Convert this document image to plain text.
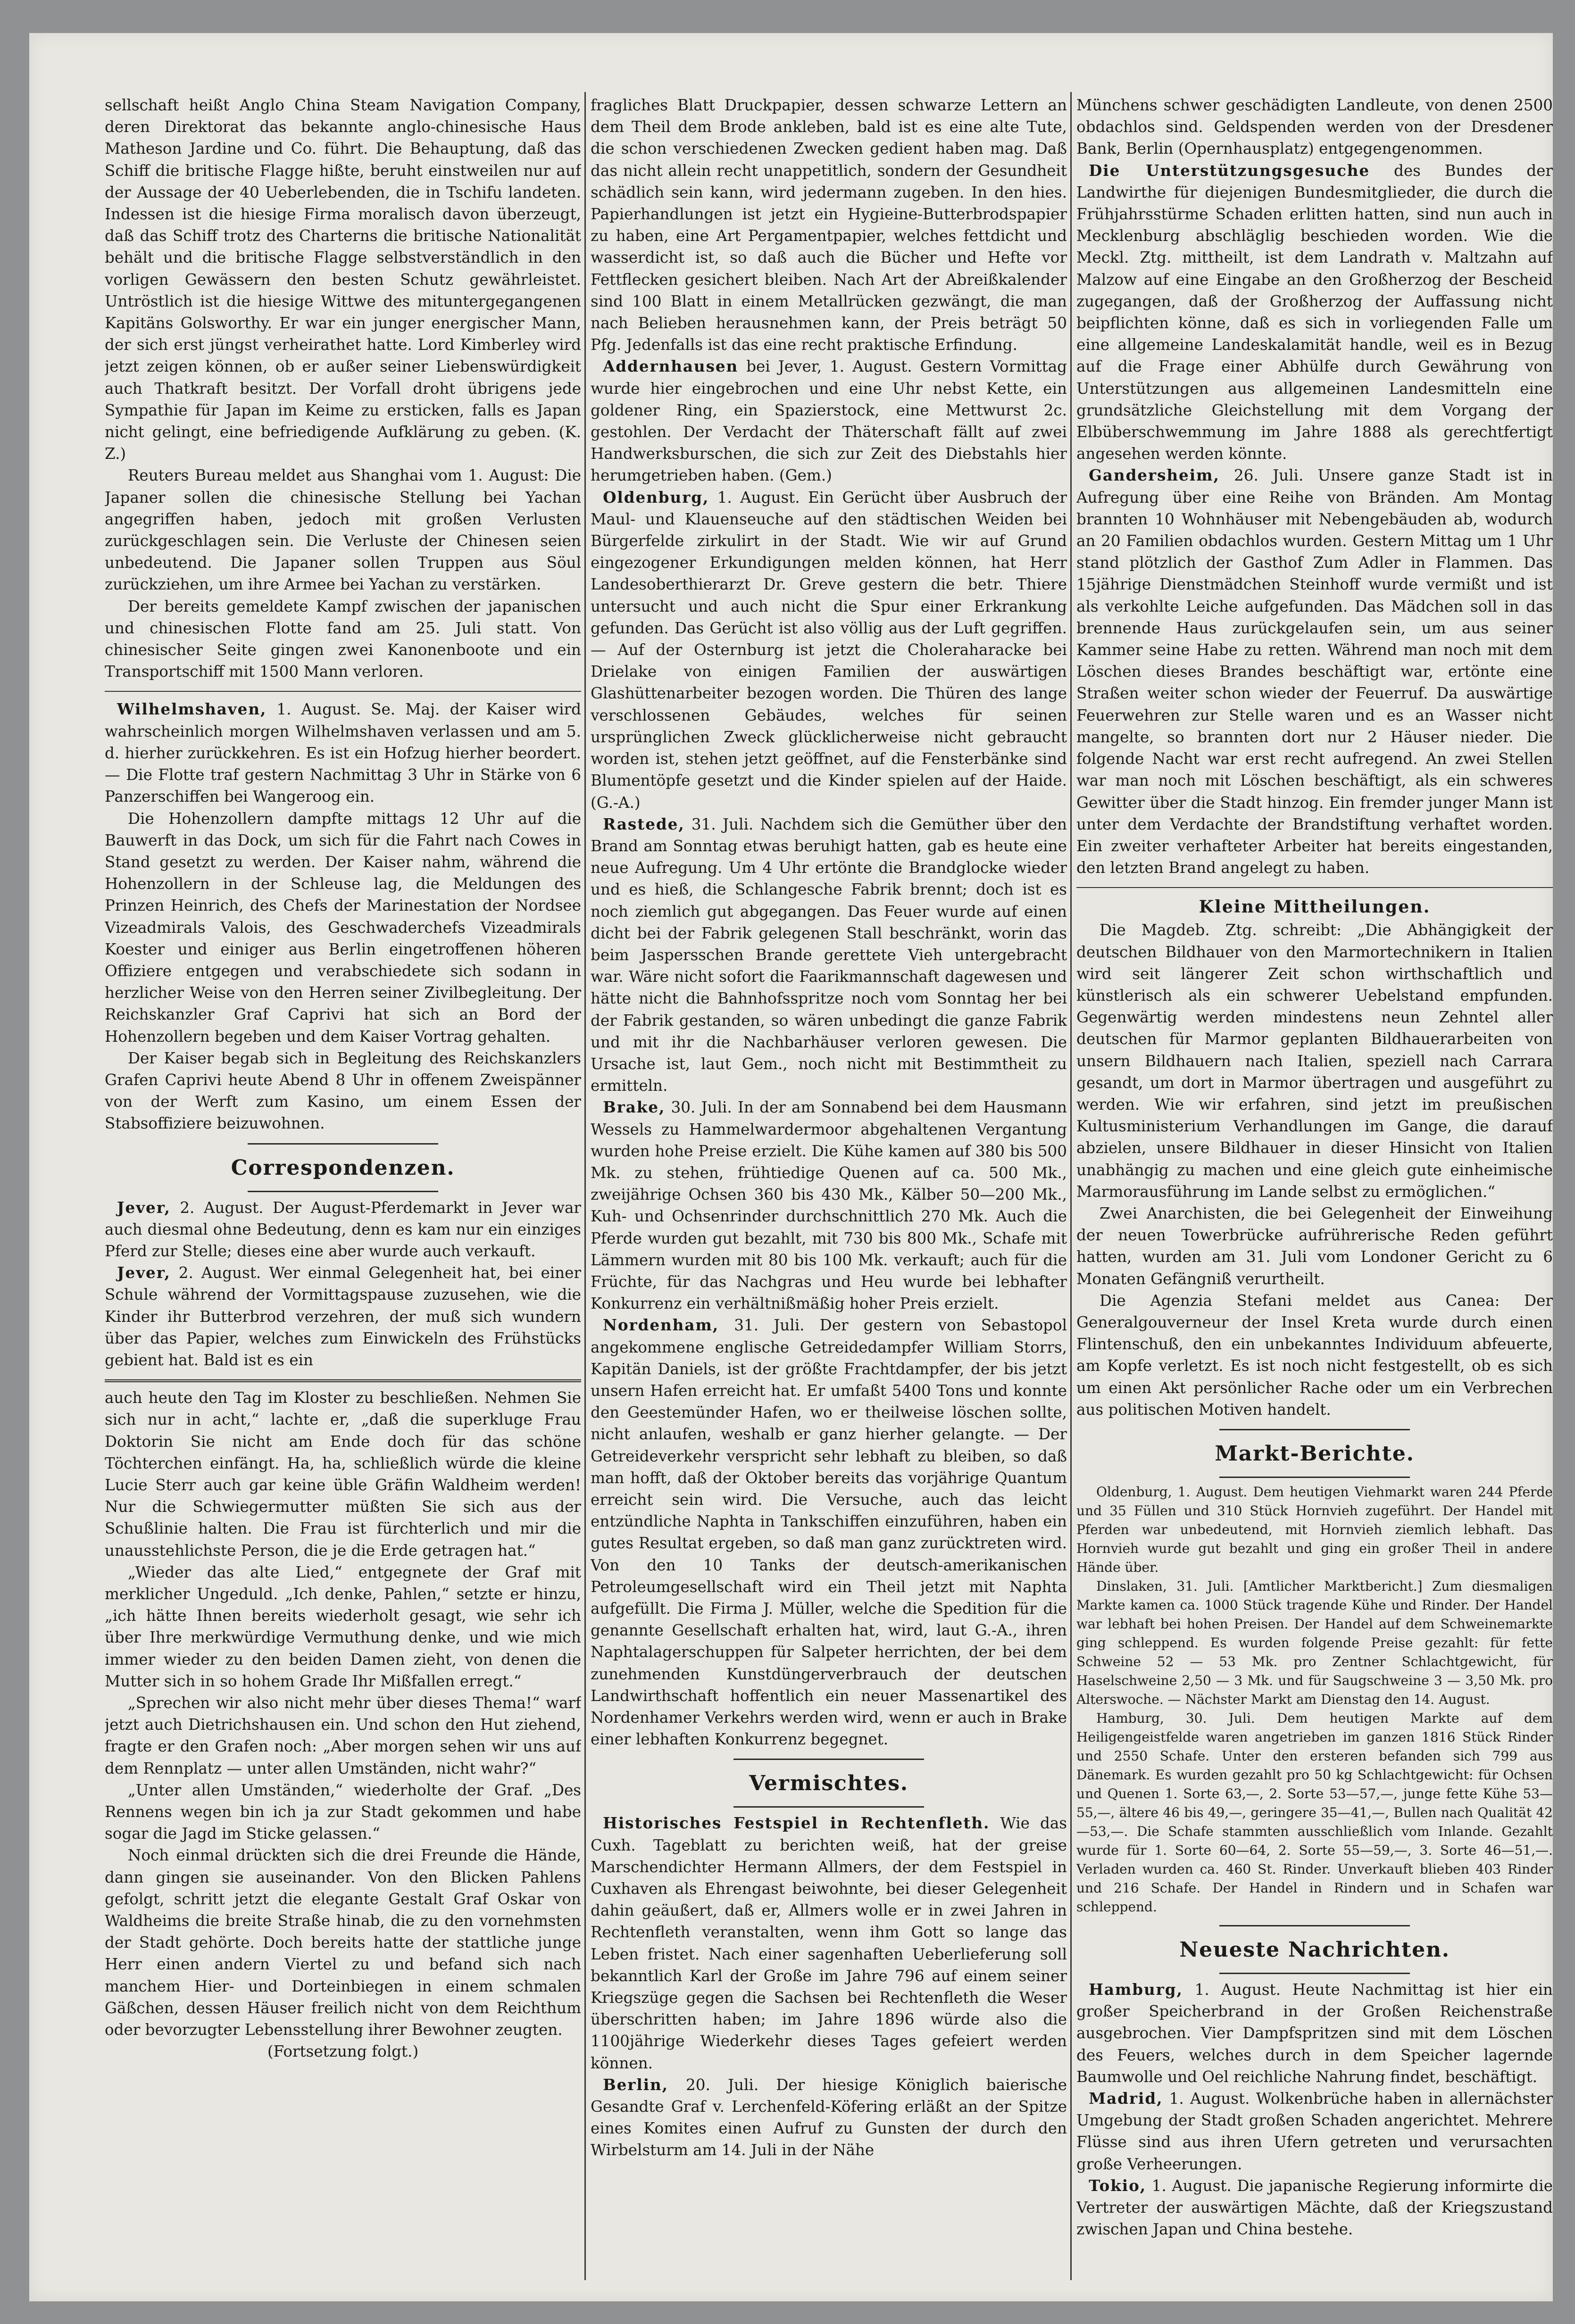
sellschaft heißt Anglo China Steam Navigation Company, deren Direktorat das bekannte anglo-chinesische Haus Matheson Jardine und Co. führt. Die Behauptung, daß das Schiff die britische Flagge hißte, beruht einstweilen nur auf der Aussage der 40 Ueberlebenden, die in Tschifu landeten. Indessen ist die hiesige Firma moralisch davon überzeugt, daß das Schiff trotz des Charterns die britische Nationalität behält und die britische Flagge selbstverständlich in den vorligen Gewässern den besten Schutz gewährleistet. Untröstlich ist die hiesige Wittwe des mituntergegangenen Kapitäns Golsworthy. Er war ein junger energischer Mann, der sich erst jüngst verheirathet hatte. Lord Kimberley wird jetzt zeigen können, ob er außer seiner Liebenswürdigkeit auch Thatkraft besitzt. Der Vorfall droht übrigens jede Sympathie für Japan im Keime zu ersticken, falls es Japan nicht gelingt, eine befriedigende Aufklärung zu geben. (K. Z.)

Reuters Bureau meldet aus Shanghai vom 1. August: Die Japaner sollen die chinesische Stellung bei Yachan angegriffen haben, jedoch mit großen Verlusten zurückgeschlagen sein. Die Verluste der Chinesen seien unbedeutend. Die Japaner sollen Truppen aus Söul zurückziehen, um ihre Armee bei Yachan zu verstärken.

Der bereits gemeldete Kampf zwischen der japanischen und chinesischen Flotte fand am 25. Juli statt. Von chinesischer Seite gingen zwei Kanonenboote und ein Transportschiff mit 1500 Mann verloren.

Wilhelmshaven, 1. August. Se. Maj. der Kaiser wird wahrscheinlich morgen Wilhelmshaven verlassen und am 5. d. hierher zurückkehren. Es ist ein Hofzug hierher beordert. — Die Flotte traf gestern Nachmittag 3 Uhr in Stärke von 6 Panzerschiffen bei Wangeroog ein.

Die Hohenzollern dampfte mittags 12 Uhr auf die Bauwerft in das Dock, um sich für die Fahrt nach Cowes in Stand gesetzt zu werden. Der Kaiser nahm, während die Hohenzollern in der Schleuse lag, die Meldungen des Prinzen Heinrich, des Chefs der Marinestation der Nordsee Vizeadmirals Valois, des Geschwaderchefs Vizeadmirals Koester und einiger aus Berlin eingetroffenen höheren Offiziere entgegen und verabschiedete sich sodann in herzlicher Weise von den Herren seiner Zivilbegleitung. Der Reichskanzler Graf Caprivi hat sich an Bord der Hohenzollern begeben und dem Kaiser Vortrag gehalten.

Der Kaiser begab sich in Begleitung des Reichskanzlers Grafen Caprivi heute Abend 8 Uhr in offenem Zweispänner von der Werft zum Kasino, um einem Essen der Stabsoffiziere beizuwohnen.

Correspondenzen.

Jever, 2. August. Der August-Pferdemarkt in Jever war auch diesmal ohne Bedeutung, denn es kam nur ein einziges Pferd zur Stelle; dieses eine aber wurde auch verkauft.

Jever, 2. August. Wer einmal Gelegenheit hat, bei einer Schule während der Vormittagspause zuzusehen, wie die Kinder ihr Butterbrod verzehren, der muß sich wundern über das Papier, welches zum Einwickeln des Frühstücks gebient hat. Bald ist es ein

auch heute den Tag im Kloster zu beschließen. Nehmen Sie sich nur in acht,“ lachte er, „daß die superkluge Frau Doktorin Sie nicht am Ende doch für das schöne Töchterchen einfängt. Ha, ha, schließlich würde die kleine Lucie Sterr auch gar keine üble Gräfin Waldheim werden! Nur die Schwiegermutter müßten Sie sich aus der Schußlinie halten. Die Frau ist fürchterlich und mir die unausstehlichste Person, die je die Erde getragen hat.“

„Wieder das alte Lied,“ entgegnete der Graf mit merklicher Ungeduld. „Ich denke, Pahlen,“ setzte er hinzu, „ich hätte Ihnen bereits wiederholt gesagt, wie sehr ich über Ihre merkwürdige Vermuthung denke, und wie mich immer wieder zu den beiden Damen zieht, von denen die Mutter sich in so hohem Grade Ihr Mißfallen erregt.“

„Sprechen wir also nicht mehr über dieses Thema!“ warf jetzt auch Dietrichshausen ein. Und schon den Hut ziehend, fragte er den Grafen noch: „Aber morgen sehen wir uns auf dem Rennplatz — unter allen Umständen, nicht wahr?“

„Unter allen Umständen,“ wiederholte der Graf. „Des Rennens wegen bin ich ja zur Stadt gekommen und habe sogar die Jagd im Sticke gelassen.“

Noch einmal drückten sich die drei Freunde die Hände, dann gingen sie auseinander. Von den Blicken Pahlens gefolgt, schritt jetzt die elegante Gestalt Graf Oskar von Waldheims die breite Straße hinab, die zu den vornehmsten der Stadt gehörte. Doch bereits hatte der stattliche junge Herr einen andern Viertel zu und befand sich nach manchem Hier- und Dorteinbiegen in einem schmalen Gäßchen, dessen Häuser freilich nicht von dem Reichthum oder bevorzugter Lebensstellung ihrer Bewohner zeugten.

(Fortsetzung folgt.)

fragliches Blatt Druckpapier, dessen schwarze Lettern an dem Theil dem Brode ankleben, bald ist es eine alte Tute, die schon verschiedenen Zwecken gedient haben mag. Daß das nicht allein recht unappetitlich, sondern der Gesundheit schädlich sein kann, wird jedermann zugeben. In den hies. Papierhandlungen ist jetzt ein Hygieine-Butterbrodspapier zu haben, eine Art Pergamentpapier, welches fettdicht und wasserdicht ist, so daß auch die Bücher und Hefte vor Fettflecken gesichert bleiben. Nach Art der Abreißkalender sind 100 Blatt in einem Metallrücken gezwängt, die man nach Belieben herausnehmen kann, der Preis beträgt 50 Pfg. Jedenfalls ist das eine recht praktische Erfindung.

Addernhausen bei Jever, 1. August. Gestern Vormittag wurde hier eingebrochen und eine Uhr nebst Kette, ein goldener Ring, ein Spazierstock, eine Mettwurst 2c. gestohlen. Der Verdacht der Thäterschaft fällt auf zwei Handwerksburschen, die sich zur Zeit des Diebstahls hier herumgetrieben haben. (Gem.)

Oldenburg, 1. August. Ein Gerücht über Ausbruch der Maul- und Klauenseuche auf den städtischen Weiden bei Bürgerfelde zirkulirt in der Stadt. Wie wir auf Grund eingezogener Erkundigungen melden können, hat Herr Landesoberthierarzt Dr. Greve gestern die betr. Thiere untersucht und auch nicht die Spur einer Erkrankung gefunden. Das Gerücht ist also völlig aus der Luft gegriffen. — Auf der Osternburg ist jetzt die Choleraharacke bei Drielake von einigen Familien der auswärtigen Glashüttenarbeiter bezogen worden. Die Thüren des lange verschlossenen Gebäudes, welches für seinen ursprünglichen Zweck glücklicherweise nicht gebraucht worden ist, stehen jetzt geöffnet, auf die Fensterbänke sind Blumentöpfe gesetzt und die Kinder spielen auf der Haide. (G.-A.)

Rastede, 31. Juli. Nachdem sich die Gemüther über den Brand am Sonntag etwas beruhigt hatten, gab es heute eine neue Aufregung. Um 4 Uhr ertönte die Brandglocke wieder und es hieß, die Schlangesche Fabrik brennt; doch ist es noch ziemlich gut abgegangen. Das Feuer wurde auf einen dicht bei der Fabrik gelegenen Stall beschränkt, worin das beim Jaspersschen Brande gerettete Vieh untergebracht war. Wäre nicht sofort die Faarikmannschaft dagewesen und hätte nicht die Bahnhofsspritze noch vom Sonntag her bei der Fabrik gestanden, so wären unbedingt die ganze Fabrik und mit ihr die Nachbarhäuser verloren gewesen. Die Ursache ist, laut Gem., noch nicht mit Bestimmtheit zu ermitteln.

Brake, 30. Juli. In der am Sonnabend bei dem Hausmann Wessels zu Hammelwardermoor abgehaltenen Vergantung wurden hohe Preise erzielt. Die Kühe kamen auf 380 bis 500 Mk. zu stehen, frühtiedige Quenen auf ca. 500 Mk., zweijährige Ochsen 360 bis 430 Mk., Kälber 50—200 Mk., Kuh- und Ochsenrinder durchschnittlich 270 Mk. Auch die Pferde wurden gut bezahlt, mit 730 bis 800 Mk., Schafe mit Lämmern wurden mit 80 bis 100 Mk. verkauft; auch für die Früchte, für das Nachgras und Heu wurde bei lebhafter Konkurrenz ein verhältnißmäßig hoher Preis erzielt.

Nordenham, 31. Juli. Der gestern von Sebastopol angekommene englische Getreidedampfer William Storrs, Kapitän Daniels, ist der größte Frachtdampfer, der bis jetzt unsern Hafen erreicht hat. Er umfaßt 5400 Tons und konnte den Geestemünder Hafen, wo er theilweise löschen sollte, nicht anlaufen, weshalb er ganz hierher gelangte. — Der Getreideverkehr verspricht sehr lebhaft zu bleiben, so daß man hofft, daß der Oktober bereits das vorjährige Quantum erreicht sein wird. Die Versuche, auch das leicht entzündliche Naphta in Tankschiffen einzuführen, haben ein gutes Resultat ergeben, so daß man ganz zurücktreten wird. Von den 10 Tanks der deutsch-amerikanischen Petroleumgesellschaft wird ein Theil jetzt mit Naphta aufgefüllt. Die Firma J. Müller, welche die Spedition für die genannte Gesellschaft erhalten hat, wird, laut G.-A., ihren Naphtalagerschuppen für Salpeter herrichten, der bei dem zunehmenden Kunstdüngerverbrauch der deutschen Landwirthschaft hoffentlich ein neuer Massenartikel des Nordenhamer Verkehrs werden wird, wenn er auch in Brake einer lebhaften Konkurrenz begegnet.

Vermischtes.

Historisches Festspiel in Rechtenfleth. Wie das Cuxh. Tageblatt zu berichten weiß, hat der greise Marschendichter Hermann Allmers, der dem Festspiel in Cuxhaven als Ehrengast beiwohnte, bei dieser Gelegenheit dahin geäußert, daß er, Allmers wolle er in zwei Jahren in Rechtenfleth veranstalten, wenn ihm Gott so lange das Leben fristet. Nach einer sagenhaften Ueberlieferung soll bekanntlich Karl der Große im Jahre 796 auf einem seiner Kriegszüge gegen die Sachsen bei Rechtenfleth die Weser überschritten haben; im Jahre 1896 würde also die 1100jährige Wiederkehr dieses Tages gefeiert werden können.

Berlin, 20. Juli. Der hiesige Königlich baierische Gesandte Graf v. Lerchenfeld-Köfering erläßt an der Spitze eines Komites einen Aufruf zu Gunsten der durch den Wirbelsturm am 14. Juli in der Nähe

Münchens schwer geschädigten Landleute, von denen 2500 obdachlos sind. Geldspenden werden von der Dresdener Bank, Berlin (Opernhausplatz) entgegengenommen.

Die Unterstützungsgesuche des Bundes der Landwirthe für diejenigen Bundesmitglieder, die durch die Frühjahrsstürme Schaden erlitten hatten, sind nun auch in Mecklenburg abschläglig beschieden worden. Wie die Meckl. Ztg. mittheilt, ist dem Landrath v. Maltzahn auf Malzow auf eine Eingabe an den Großherzog der Bescheid zugegangen, daß der Großherzog der Auffassung nicht beipflichten könne, daß es sich in vorliegenden Falle um eine allgemeine Landeskalamität handle, weil es in Bezug auf die Frage einer Abhülfe durch Gewährung von Unterstützungen aus allgemeinen Landesmitteln eine grundsätzliche Gleichstellung mit dem Vorgang der Elbüberschwemmung im Jahre 1888 als gerechtfertigt angesehen werden könnte.

Gandersheim, 26. Juli. Unsere ganze Stadt ist in Aufregung über eine Reihe von Bränden. Am Montag brannten 10 Wohnhäuser mit Nebengebäuden ab, wodurch an 20 Familien obdachlos wurden. Gestern Mittag um 1 Uhr stand plötzlich der Gasthof Zum Adler in Flammen. Das 15jährige Dienstmädchen Steinhoff wurde vermißt und ist als verkohlte Leiche aufgefunden. Das Mädchen soll in das brennende Haus zurückgelaufen sein, um aus seiner Kammer seine Habe zu retten. Während man noch mit dem Löschen dieses Brandes beschäftigt war, ertönte eine Straßen weiter schon wieder der Feuerruf. Da auswärtige Feuerwehren zur Stelle waren und es an Wasser nicht mangelte, so brannten dort nur 2 Häuser nieder. Die folgende Nacht war erst recht aufregend. An zwei Stellen war man noch mit Löschen beschäftigt, als ein schweres Gewitter über die Stadt hinzog. Ein fremder junger Mann ist unter dem Verdachte der Brandstiftung verhaftet worden. Ein zweiter verhafteter Arbeiter hat bereits eingestanden, den letzten Brand angelegt zu haben.

Kleine Mittheilungen.

Die Magdeb. Ztg. schreibt: „Die Abhängigkeit der deutschen Bildhauer von den Marmortechnikern in Italien wird seit längerer Zeit schon wirthschaftlich und künstlerisch als ein schwerer Uebelstand empfunden. Gegenwärtig werden mindestens neun Zehntel aller deutschen für Marmor geplanten Bildhauerarbeiten von unsern Bildhauern nach Italien, speziell nach Carrara gesandt, um dort in Marmor übertragen und ausgeführt zu werden. Wie wir erfahren, sind jetzt im preußischen Kultusministerium Verhandlungen im Gange, die darauf abzielen, unsere Bildhauer in dieser Hinsicht von Italien unabhängig zu machen und eine gleich gute einheimische Marmorausführung im Lande selbst zu ermöglichen.“

Zwei Anarchisten, die bei Gelegenheit der Einweihung der neuen Towerbrücke aufrührerische Reden geführt hatten, wurden am 31. Juli vom Londoner Gericht zu 6 Monaten Gefängniß verurtheilt.

Die Agenzia Stefani meldet aus Canea: Der Generalgouverneur der Insel Kreta wurde durch einen Flintenschuß, den ein unbekanntes Individuum abfeuerte, am Kopfe verletzt. Es ist noch nicht festgestellt, ob es sich um einen Akt persönlicher Rache oder um ein Verbrechen aus politischen Motiven handelt.

Markt-Berichte.

Oldenburg, 1. August. Dem heutigen Viehmarkt waren 244 Pferde und 35 Füllen und 310 Stück Hornvieh zugeführt. Der Handel mit Pferden war unbedeutend, mit Hornvieh ziemlich lebhaft. Das Hornvieh wurde gut bezahlt und ging ein großer Theil in andere Hände über.

Dinslaken, 31. Juli. [Amtlicher Marktbericht.] Zum diesmaligen Markte kamen ca. 1000 Stück tragende Kühe und Rinder. Der Handel war lebhaft bei hohen Preisen. Der Handel auf dem Schweinemarkte ging schleppend. Es wurden folgende Preise gezahlt: für fette Schweine 52 — 53 Mk. pro Zentner Schlachtgewicht, für Haselschweine 2,50 — 3 Mk. und für Saugschweine 3 — 3,50 Mk. pro Alterswoche. — Nächster Markt am Dienstag den 14. August.

Hamburg, 30. Juli. Dem heutigen Markte auf dem Heiligengeistfelde waren angetrieben im ganzen 1816 Stück Rinder und 2550 Schafe. Unter den ersteren befanden sich 799 aus Dänemark. Es wurden gezahlt pro 50 kg Schlachtgewicht: für Ochsen und Quenen 1. Sorte 63,—, 2. Sorte 53—57,—, junge fette Kühe 53—55,—, ältere 46 bis 49,—, geringere 35—41,—, Bullen nach Qualität 42—53,—. Die Schafe stammten ausschließlich vom Inlande. Gezahlt wurde für 1. Sorte 60—64, 2. Sorte 55—59,—, 3. Sorte 46—51,—. Verladen wurden ca. 460 St. Rinder. Unverkauft blieben 403 Rinder und 216 Schafe. Der Handel in Rindern und in Schafen war schleppend.

Neueste Nachrichten.

Hamburg, 1. August. Heute Nachmittag ist hier ein großer Speicherbrand in der Großen Reichenstraße ausgebrochen. Vier Dampfspritzen sind mit dem Löschen des Feuers, welches durch in dem Speicher lagernde Baumwolle und Oel reichliche Nahrung findet, beschäftigt.

Madrid, 1. August. Wolkenbrüche haben in allernächster Umgebung der Stadt großen Schaden angerichtet. Mehrere Flüsse sind aus ihren Ufern getreten und verursachten große Verheerungen.

Tokio, 1. August. Die japanische Regierung informirte die Vertreter der auswärtigen Mächte, daß der Kriegszustand zwischen Japan und China bestehe.
